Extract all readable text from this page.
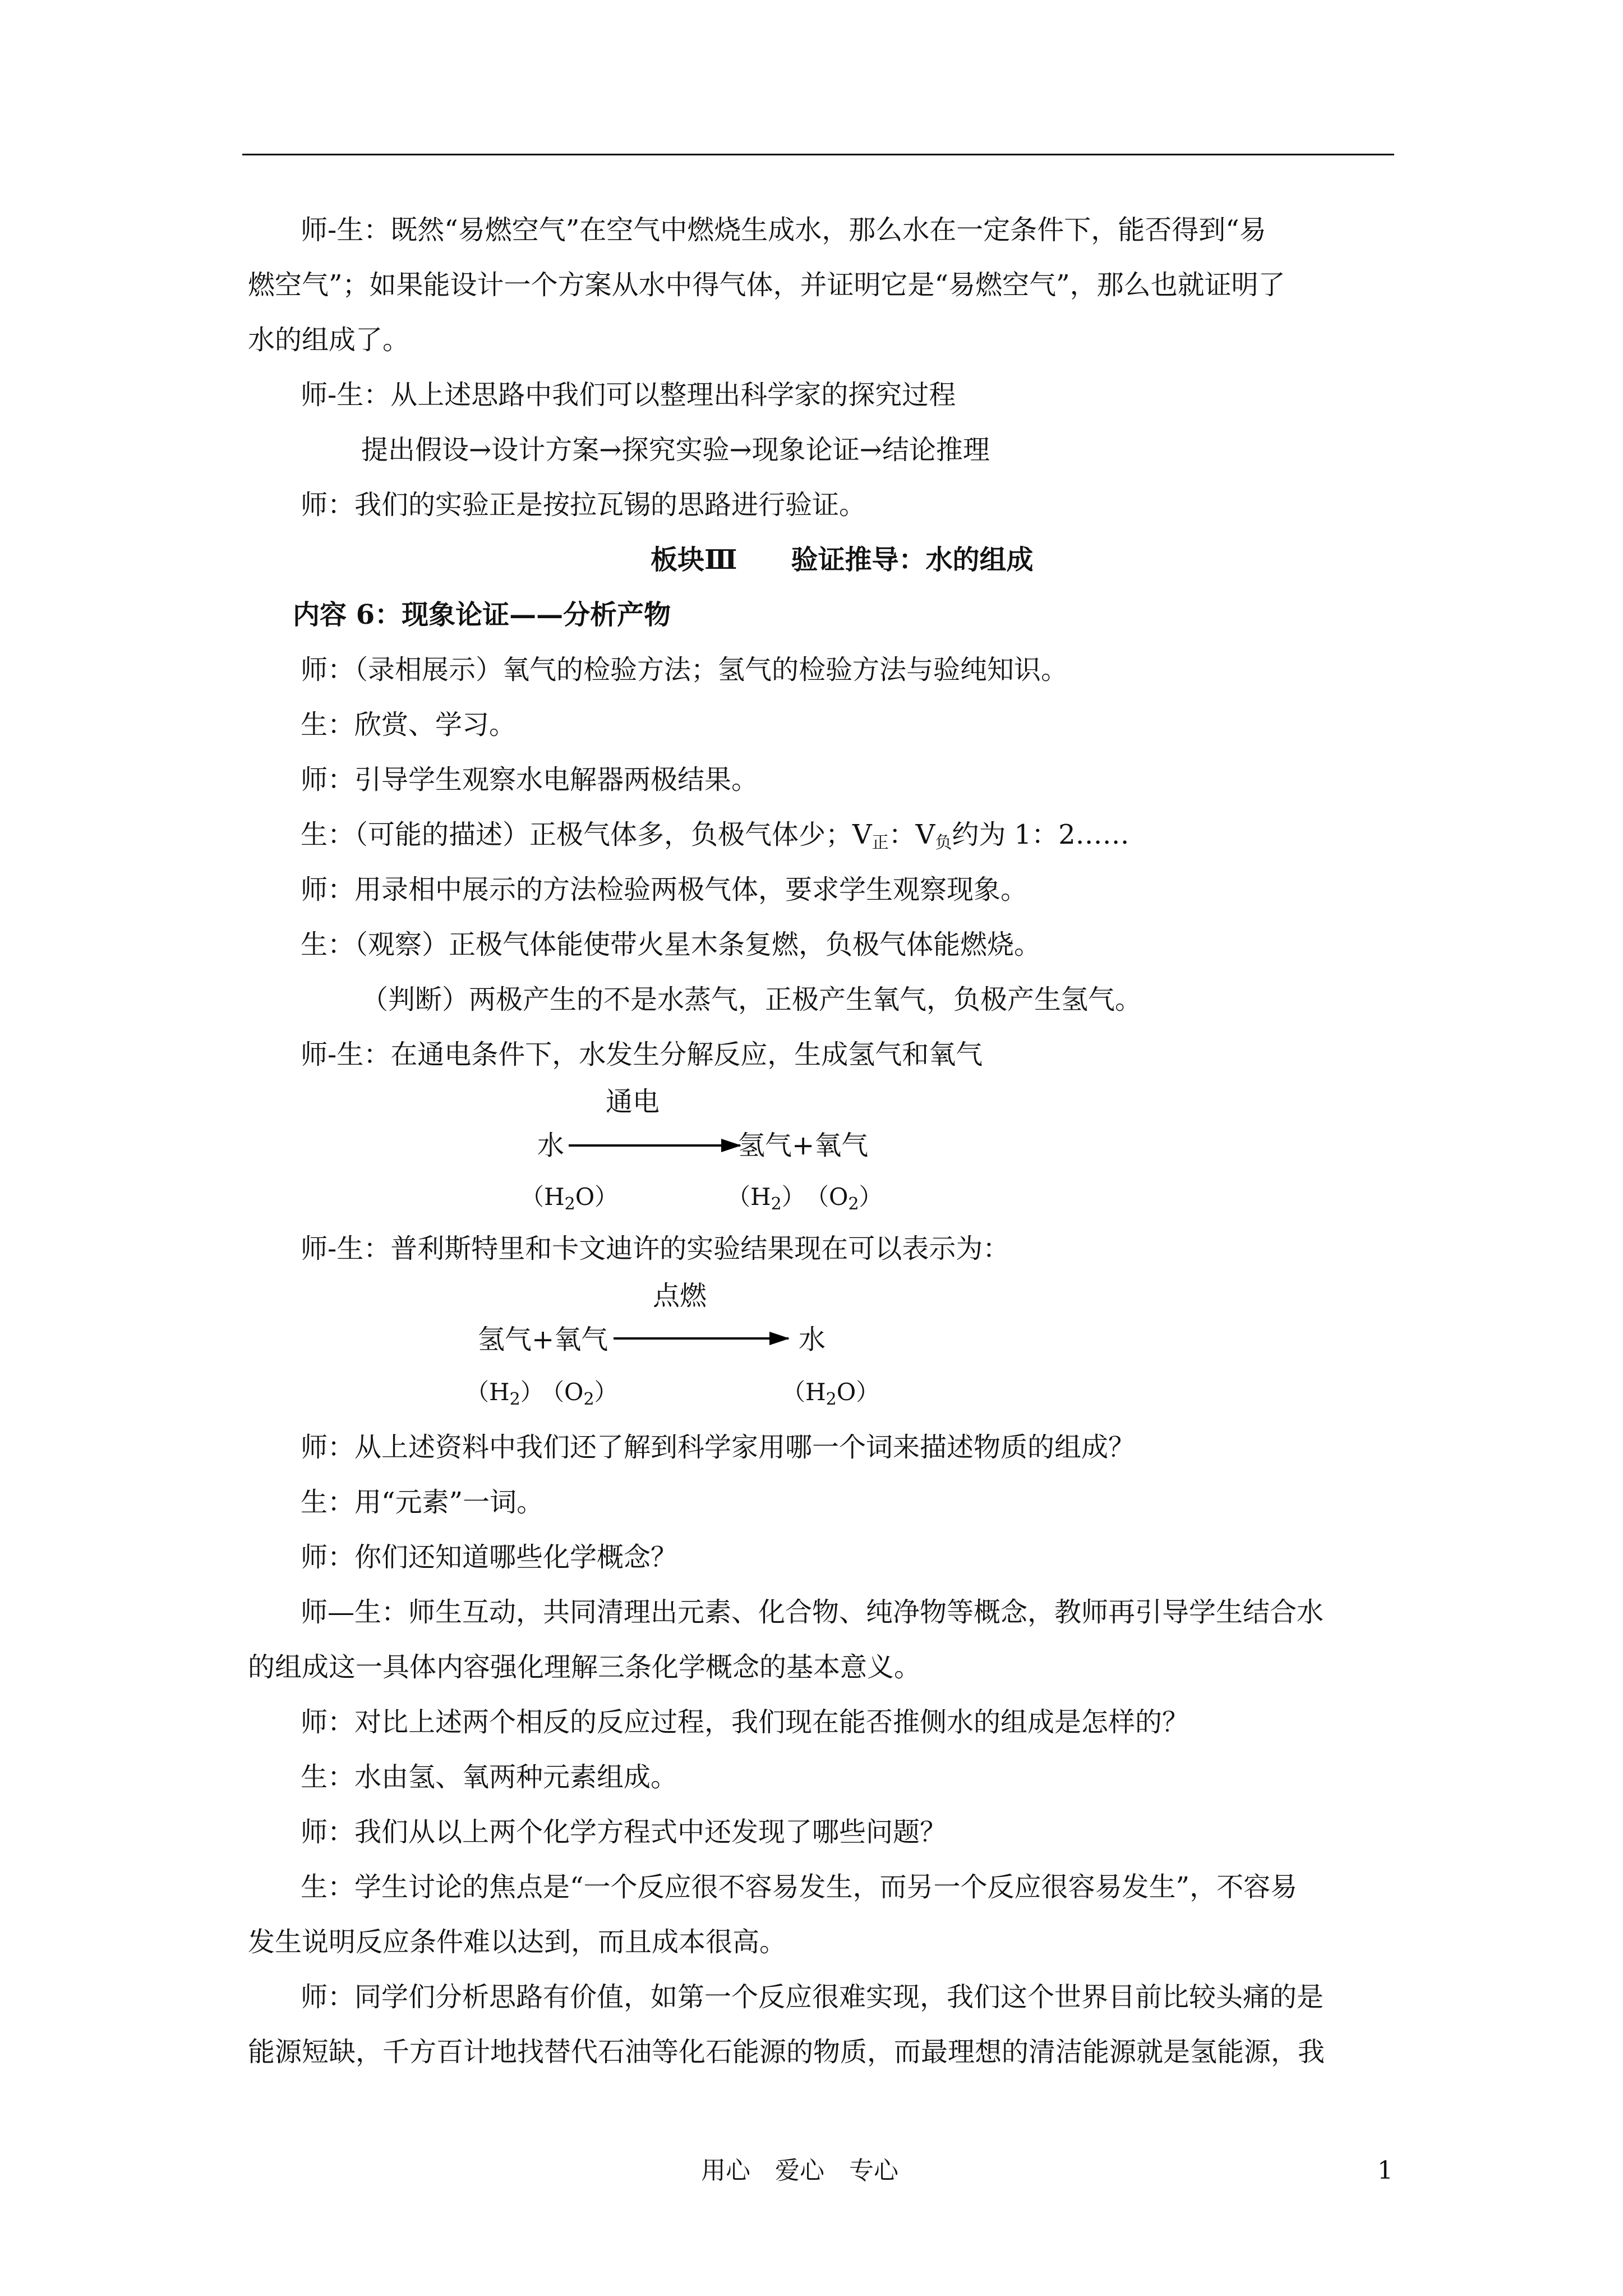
师-生：既然“易燃空气”在空气中燃烧生成水，那么水在一定条件下，能否得到“易
燃空气”；如果能设计一个方案从水中得气体，并证明它是“易燃空气”，那么也就证明了
水的组成了。
师-生：从上述思路中我们可以整理出科学家的探究过程
提出假设→设计方案→探究实验→现象论证→结论推理
师：我们的实验正是按拉瓦锡的思路进行验证。
板块Ⅲ　　验证推导：水的组成
内容 6：现象论证——分析产物
师：（录相展示）氧气的检验方法；氢气的检验方法与验纯知识。
生：欣赏、学习。
师：引导学生观察水电解器两极结果。
生：（可能的描述）正极气体多，负极气体少；$V_正$：$V_负$约为 1：2……
师：用录相中展示的方法检验两极气体，要求学生观察现象。
生：（观察）正极气体能使带火星木条复燃，负极气体能燃烧。
（判断）两极产生的不是水蒸气，正极产生氧气，负极产生氢气。
师-生：在通电条件下，水发生分解反应，生成氢气和氧气
通电
水	氢气+氧气
$(H_2O)$	$(H_2)$ $(O_2)$
师-生：普利斯特里和卡文迪许的实验结果现在可以表示为：
点燃
氢气+氧气	水
$(H_2)$
$(O_2)$	$(H_2O)$
师：从上述资料中我们还了解到科学家用哪一个词来描述物质的组成？
生：用“元素”一词。
师：你们还知道哪些化学概念？
师—生：师生互动，共同清理出元素、化合物、纯净物等概念，教师再引导学生结合水
的组成这一具体内容强化理解三条化学概念的基本意义。
师：对比上述两个相反的反应过程，我们现在能否推侧水的组成是怎样的？
生：水由氢、氧两种元素组成。
师：我们从以上两个化学方程式中还发现了哪些问题？
生：学生讨论的焦点是“一个反应很不容易发生，而另一个反应很容易发生”，不容易
发生说明反应条件难以达到，而且成本很高。
师：同学们分析思路有价值，如第一个反应很难实现，我们这个世界目前比较头痛的是
能源短缺，千方百计地找替代石油等化石能源的物质，而最理想的清洁能源就是氢能源，我
用心　爱心　专心	1
